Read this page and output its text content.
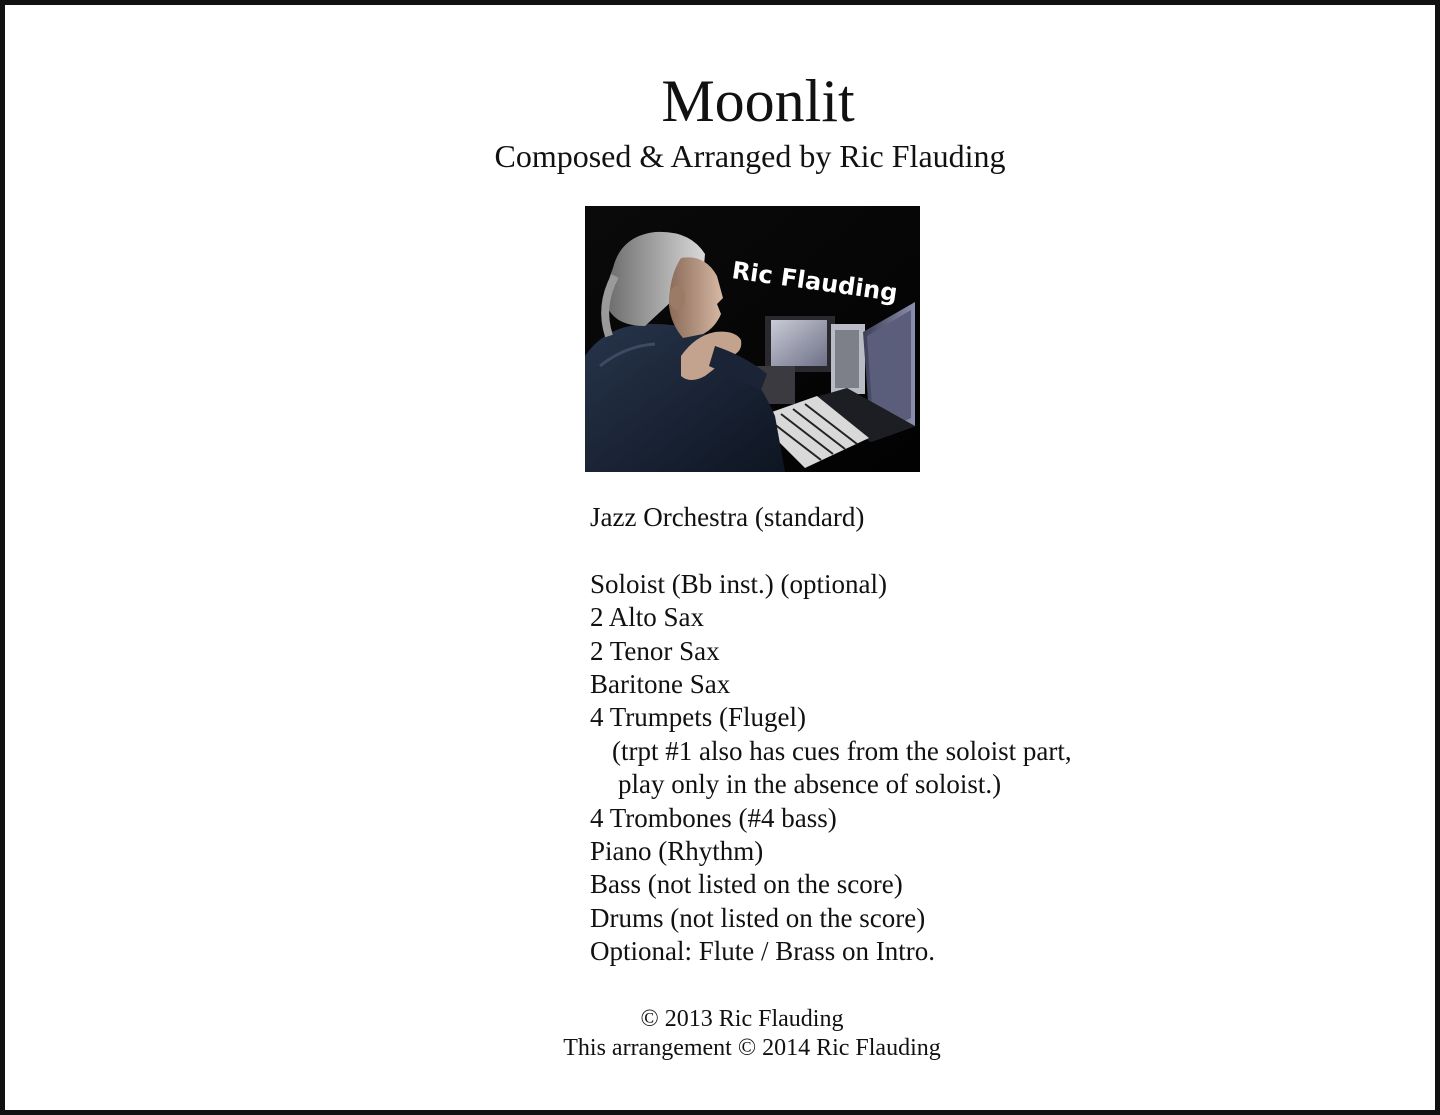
Moonlit
Composed & Arranged by Ric Flauding
Ric Flauding
Jazz Orchestra (standard)
Soloist (Bb inst.) (optional)
2 Alto Sax
2 Tenor Sax
Baritone Sax
4 Trumpets (Flugel)
(trpt #1 also has cues from the soloist part,
play only in the absence of soloist.)
4 Trombones (#4 bass)
Piano (Rhythm)
Bass (not listed on the score)
Drums (not listed on the score)
Optional: Flute / Brass on Intro.
© 2013 Ric Flauding
This arrangement © 2014 Ric Flauding
